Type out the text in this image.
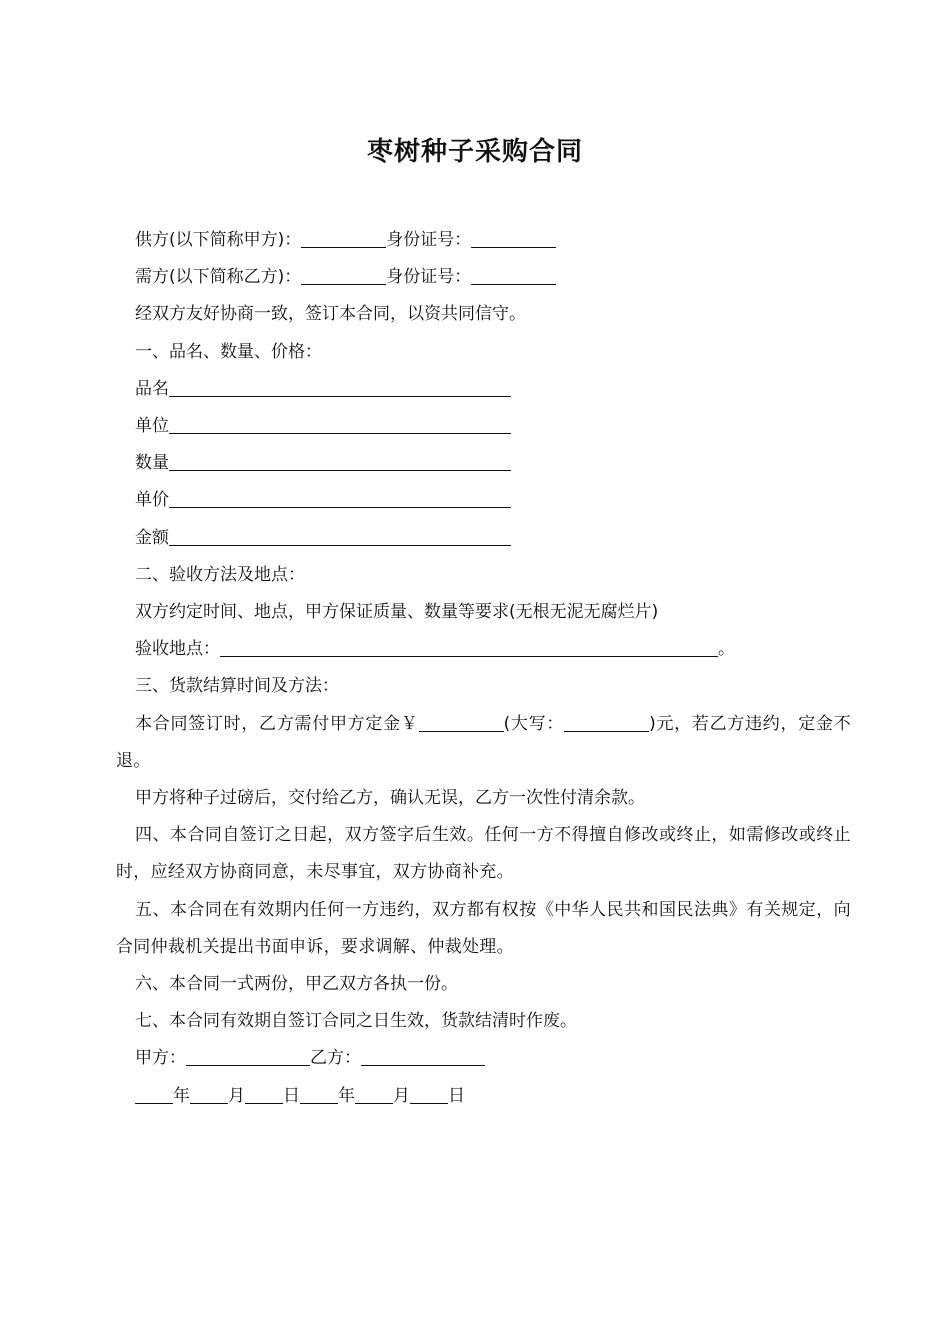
枣树种子采购合同

供方(以下简称甲方)：	身份证号：

需方(以下简称乙方)：	身份证号：

经双方友好协商一致，签订本合同，以资共同信守。

一、品名、数量、价格：

品名

单位

数量

单价

金额

二、验收方法及地点：

双方约定时间、地点，甲方保证质量、数量等要求(无根无泥无腐烂片)

验收地点：	。

三、货款结算时间及方法：

本合同签订时，乙方需付甲方定金￥	(大写：	)元，若乙方违约，定金不退。

甲方将种子过磅后，交付给乙方，确认无误，乙方一次性付清余款。

四、本合同自签订之日起，双方签字后生效。任何一方不得擅自修改或终止，如需修改或终止时，应经双方协商同意，未尽事宜，双方协商补充。

五、本合同在有效期内任何一方违约，双方都有权按《中华人民共和国民法典》有关规定，向合同仲裁机关提出书面申诉，要求调解、仲裁处理。

六、本合同一式两份，甲乙双方各执一份。

七、本合同有效期自签订合同之日生效，货款结清时作废。

甲方：	乙方：

年 月 日 年 月 日
